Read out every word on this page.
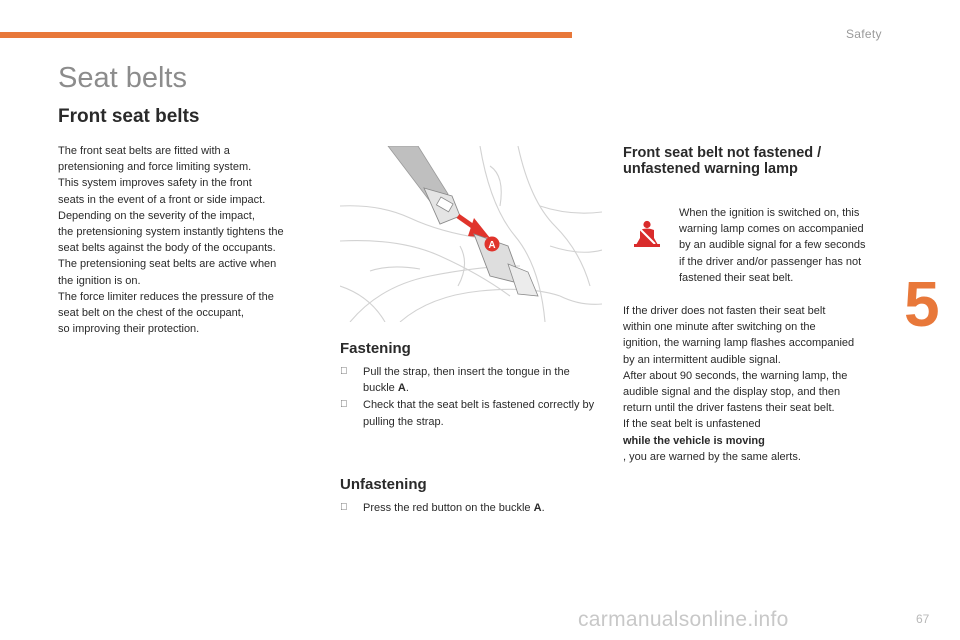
Safety
5
Seat belts
Front seat belts

The front seat belts are fitted with a
pretensioning and force limiting system.
This system improves safety in the front
seats in the event of a front or side impact.
Depending on the severity of the impact,
the pretensioning system instantly tightens the
seat belts against the body of the occupants.
The pretensioning seat belts are active when
the ignition is on.
The force limiter reduces the pressure of the
seat belt on the chest of the occupant,
so improving their protection.

A
Fastening
Pull the strap, then insert the tongue in the buckle A.
Check that the seat belt is fastened correctly by pulling the strap.
Unfastening
Press the red button on the buckle A.
Front seat belt not fastened /
unfastened warning lamp

When the ignition is switched on, this
warning lamp comes on accompanied
by an audible signal for a few seconds
if the driver and/or passenger has not
fastened their seat belt.

If the driver does not fasten their seat belt
within one minute after switching on the
ignition, the warning lamp flashes accompanied
by an intermittent audible signal.
After about 90 seconds, the warning lamp, the
audible signal and the display stop, and then
return until the driver fastens their seat belt.
If the seat belt is unfastened
while the vehicle is moving
, you are warned by the same alerts.

carmanualsonline.info	67
